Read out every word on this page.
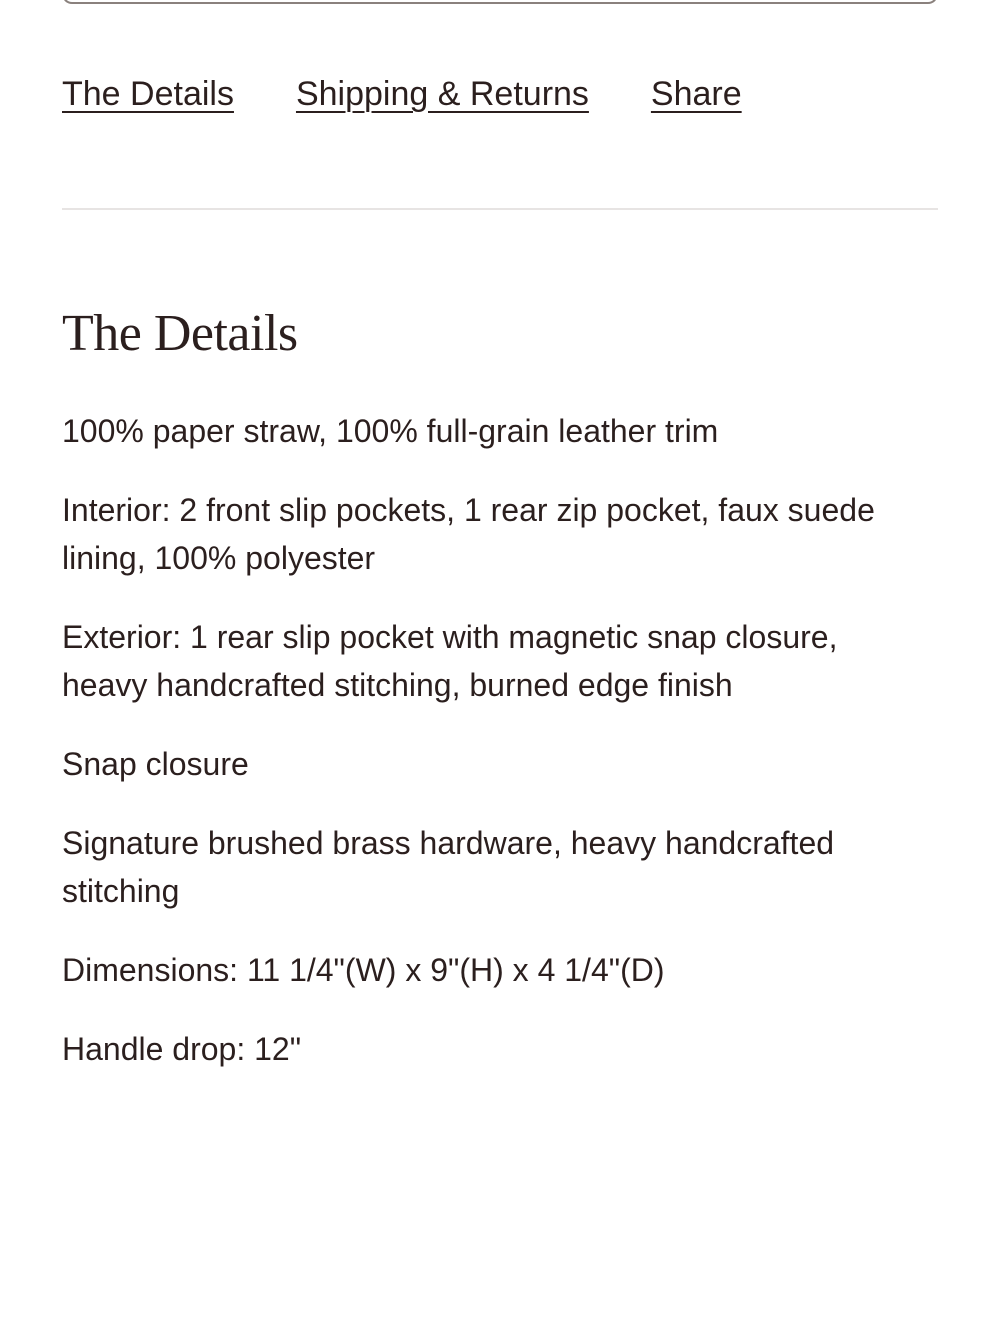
The Details Shipping & Returns Share
The Details
100% paper straw, 100% full-grain leather trim
Interior: 2 front slip pockets, 1 rear zip pocket, faux suede lining, 100% polyester
Exterior: 1 rear slip pocket with magnetic snap closure, heavy handcrafted stitching, burned edge finish
Snap closure
Signature brushed brass hardware, heavy handcrafted stitching
Dimensions: 11 1/4"(W) x 9"(H) x 4 1/4"(D)
Handle drop: 12"
